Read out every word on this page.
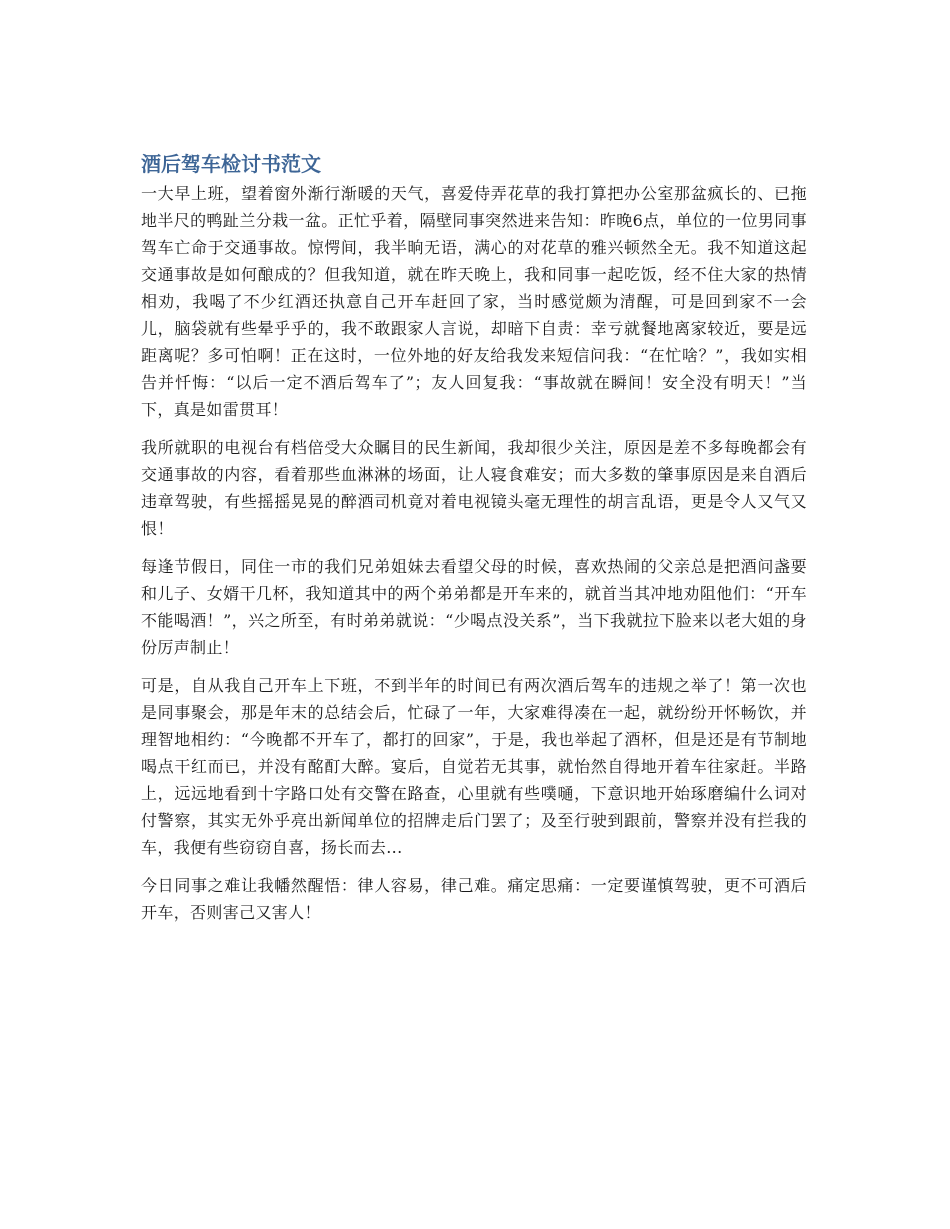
酒后驾车检讨书范文

一大早上班，望着窗外渐行渐暖的天气，喜爱侍弄花草的我打算把办公室那盆疯长的、已拖地半尺的鸭趾兰分栽一盆。正忙乎着，隔壁同事突然进来告知：昨晚6点，单位的一位男同事驾车亡命于交通事故。惊愕间，我半晌无语，满心的对花草的雅兴顿然全无。我不知道这起交通事故是如何酿成的？但我知道，就在昨天晚上，我和同事一起吃饭，经不住大家的热情相劝，我喝了不少红酒还执意自己开车赶回了家，当时感觉颇为清醒，可是回到家不一会儿，脑袋就有些晕乎乎的，我不敢跟家人言说，却暗下自责：幸亏就餐地离家较近，要是远距离呢？多可怕啊！正在这时，一位外地的好友给我发来短信问我：“在忙啥？”，我如实相告并忏悔：“以后一定不酒后驾车了”；友人回复我：“事故就在瞬间！安全没有明天！”当下，真是如雷贯耳！

我所就职的电视台有档倍受大众瞩目的民生新闻，我却很少关注，原因是差不多每晚都会有交通事故的内容，看着那些血淋淋的场面，让人寝食难安；而大多数的肇事原因是来自酒后违章驾驶，有些摇摇晃晃的醉酒司机竟对着电视镜头毫无理性的胡言乱语，更是令人又气又恨！

每逢节假日，同住一市的我们兄弟姐妹去看望父母的时候，喜欢热闹的父亲总是把酒问盏要和儿子、女婿干几杯，我知道其中的两个弟弟都是开车来的，就首当其冲地劝阻他们：“开车不能喝酒！”，兴之所至，有时弟弟就说：“少喝点没关系”，当下我就拉下脸来以老大姐的身份厉声制止！

可是，自从我自己开车上下班，不到半年的时间已有两次酒后驾车的违规之举了！第一次也是同事聚会，那是年末的总结会后，忙碌了一年，大家难得凑在一起，就纷纷开怀畅饮，并理智地相约：“今晚都不开车了，都打的回家”，于是，我也举起了酒杯，但是还是有节制地喝点干红而已，并没有酩酊大醉。宴后，自觉若无其事，就怡然自得地开着车往家赶。半路上，远远地看到十字路口处有交警在路查，心里就有些噗嗵，下意识地开始琢磨编什么词对付警察，其实无外乎亮出新闻单位的招牌走后门罢了；及至行驶到跟前，警察并没有拦我的车，我便有些窃窃自喜，扬长而去...

今日同事之难让我幡然醒悟：律人容易，律己难。痛定思痛：一定要谨慎驾驶，更不可酒后开车，否则害己又害人！
